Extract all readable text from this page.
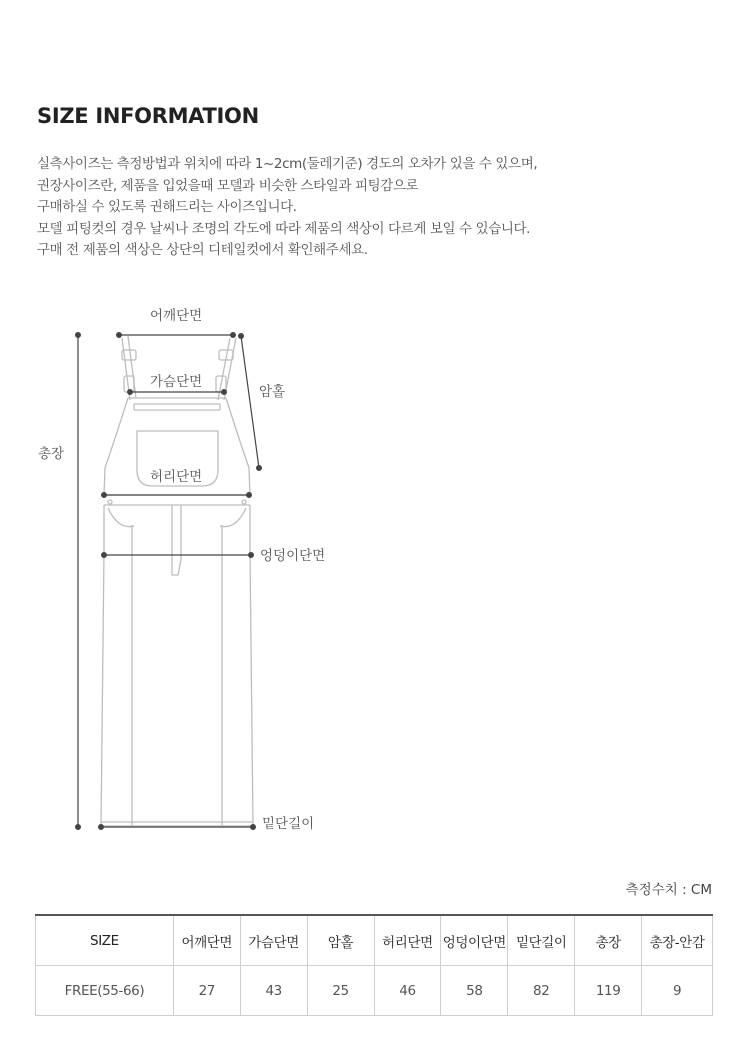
SIZE INFORMATION
실측사이즈는 측정방법과 위치에 따라 1~2cm(둘레기준) 경도의 오차가 있을 수 있으며,
권장사이즈란, 제품을 입었을때 모델과 비슷한 스타일과 피팅감으로
구매하실 수 있도록 권해드리는 사이즈입니다.
모델 피팅컷의 경우 날씨나 조명의 각도에 따라 제품의 색상이 다르게 보일 수 있습니다.
구매 전 제품의 색상은 상단의 디테일컷에서 확인해주세요.
어깨단면
가슴단면
암홀
총장
허리단면
엉덩이단면
밑단길이
측정수치 : CM
SIZE	어깨단면	가슴단면	암홀	허리단면	엉덩이단면	밑단길이	총장	총장-안감
FREE(55-66)	27	43	25	46	58	82	119	9
